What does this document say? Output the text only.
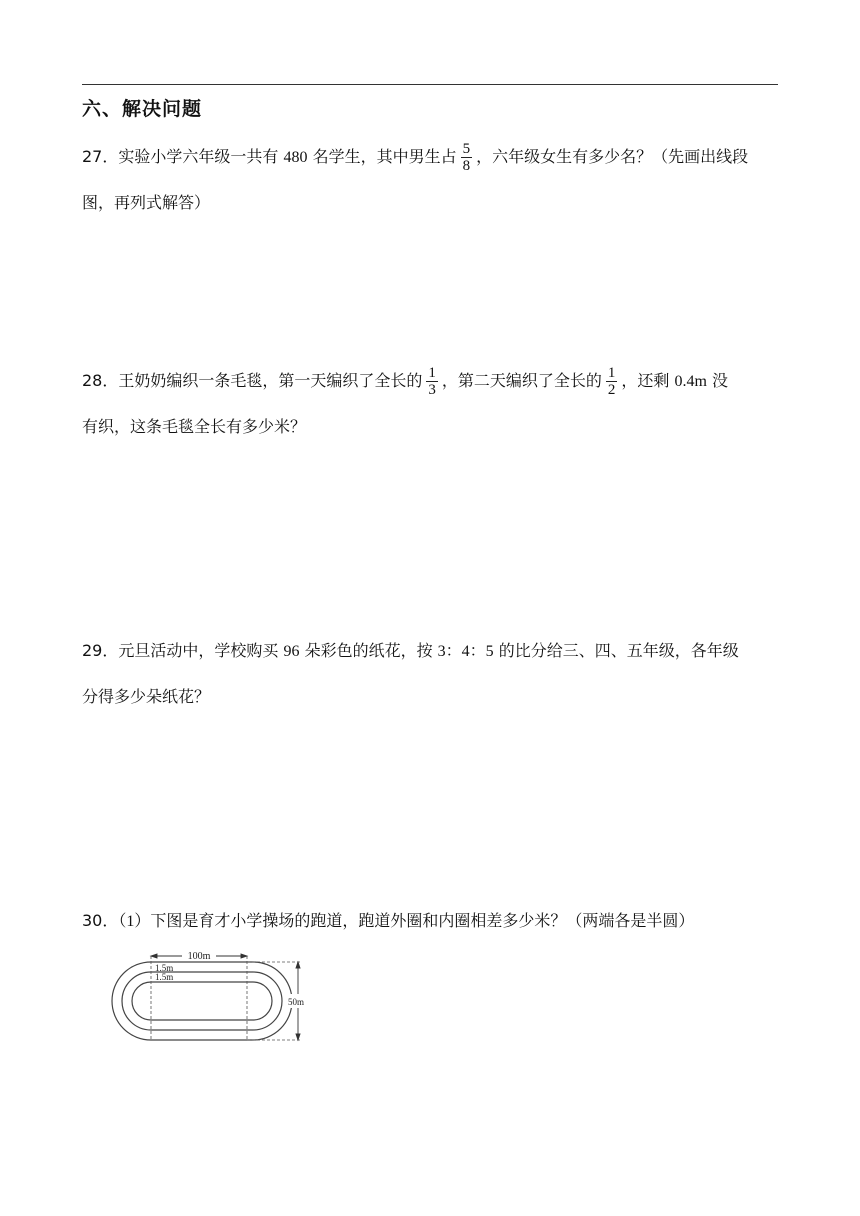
六、解决问题
27．实验小学六年级一共有 480 名学生，其中男生占 $\frac{5}{8}$ ，六年级女生有多少名？（先画出线段
图，再列式解答）
28．王奶奶编织一条毛毯，第一天编织了全长的 $\frac{1}{3}$ ，第二天编织了全长的 $\frac{1}{2}$ ，还剩 0.4m 没
有织，这条毛毯全长有多少米？
29．元旦活动中，学校购买 96 朵彩色的纸花，按 3：4：5 的比分给三、四、五年级，各年级
分得多少朵纸花？
30．（1）下图是育才小学操场的跑道，跑道外圈和内圈相差多少米？（两端各是半圆）
100m
1.5m
1.5m
50m
